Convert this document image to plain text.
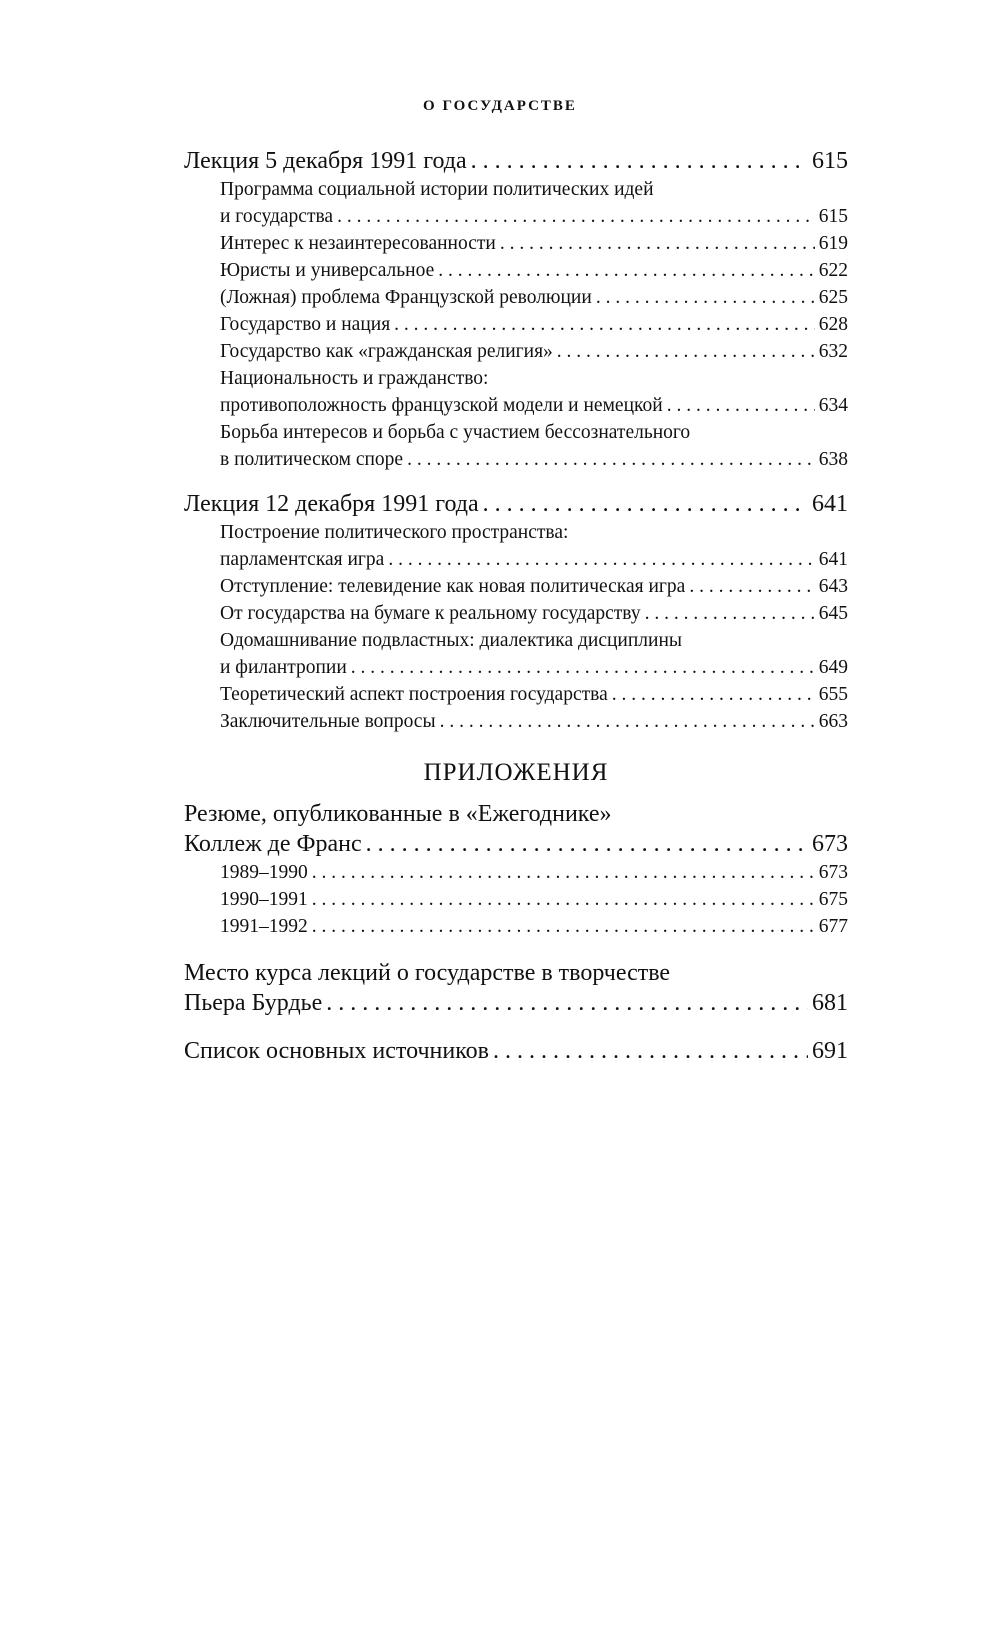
О ГОСУДАРСТВЕ
Лекция 5 декабря 1991 года . . .	615
Программа социальной истории политических идей
и государства . . .	615
Интерес к незаинтересованности . . .	619
Юристы и универсальное . . .	622
(Ложная) проблема Французской революции . . .	625
Государство и нация . . .	628
Государство как «гражданская религия» . . .	632
Национальность и гражданство:
противоположность французской модели и немецкой . . .	634
Борьба интересов и борьба с участием бессознательного
в политическом споре . . .	638
Лекция 12 декабря 1991 года . . .	641
Построение политического пространства:
парламентская игра . . .	641
Отступление: телевидение как новая политическая игра . . .	643
От государства на бумаге к реальному государству . . .	645
Одомашнивание подвластных: диалектика дисциплины
и филантропии . . .	649
Теоретический аспект построения государства . . .	655
Заключительные вопросы . . .	663
ПРИЛОЖЕНИЯ
Резюме, опубликованные в «Ежегоднике»
Коллеж де Франс . . .	673
1989–1990 . . .	673
1990–1991 . . .	675
1991–1992 . . .	677
Место курса лекций о государстве в творчестве
Пьера Бурдье . . .	681
Список основных источников . . .	691
